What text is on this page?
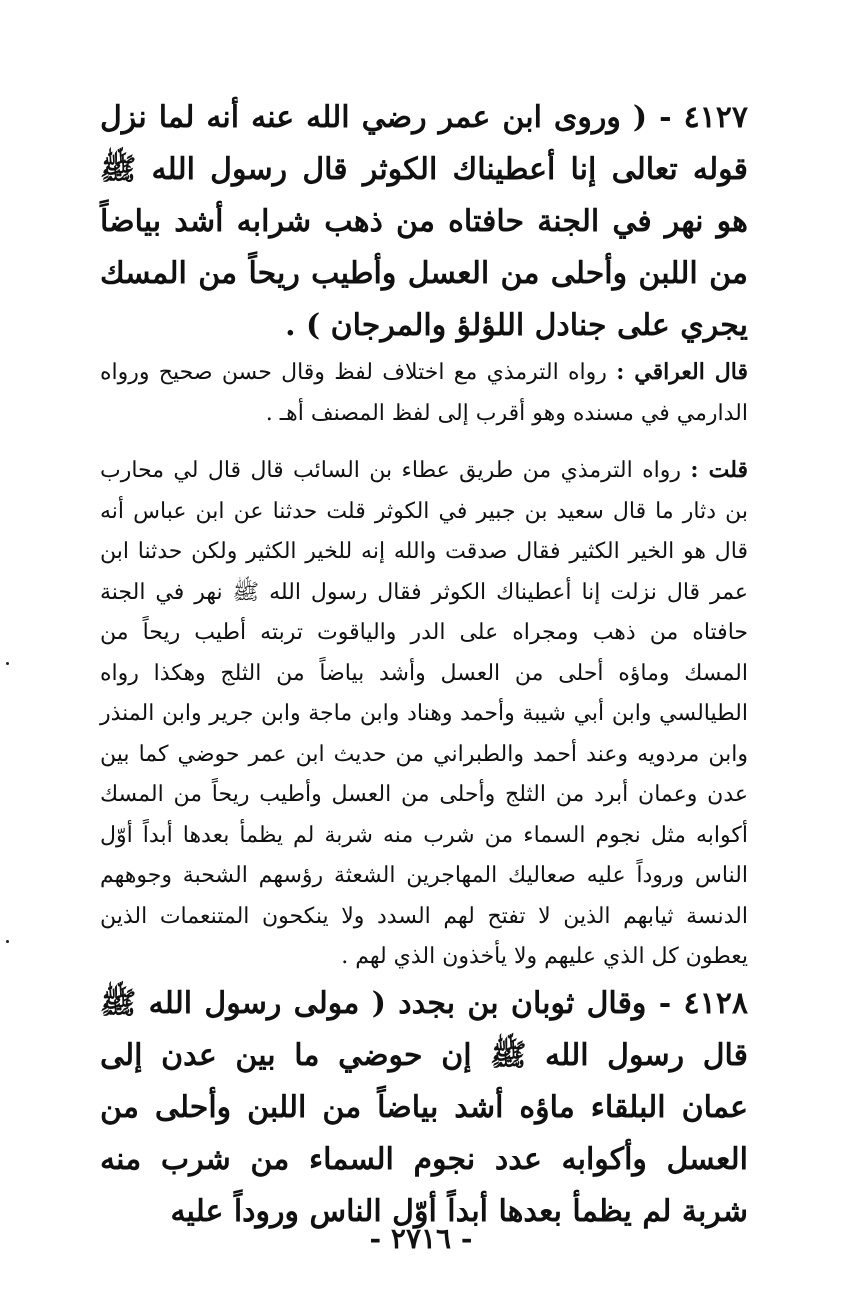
٤١٢٧ - ( وروى ابن عمر رضي الله عنه أنه لما نزل قوله تعالى إنا أعطيناك الكوثر قال رسول الله ﷺ هو نهر في الجنة حافتاه من ذهب شرابه أشد بياضاً من اللبن وأحلى من العسل وأطيب ريحاً من المسك يجري على جنادل اللؤلؤ والمرجان ) .
قال العراقي : رواه الترمذي مع اختلاف لفظ وقال حسن صحيح ورواه الدارمي في مسنده وهو أقرب إلى لفظ المصنف أهـ .
قلت : رواه الترمذي من طريق عطاء بن السائب قال قال لي محارب بن دثار ما قال سعيد بن جبير في الكوثر قلت حدثنا عن ابن عباس أنه قال هو الخير الكثير فقال صدقت والله إنه للخير الكثير ولكن حدثنا ابن عمر قال نزلت إنا أعطيناك الكوثر فقال رسول الله ﷺ نهر في الجنة حافتاه من ذهب ومجراه على الدر والياقوت تربته أطيب ريحاً من المسك وماؤه أحلى من العسل وأشد بياضاً من الثلج وهكذا رواه الطيالسي وابن أبي شيبة وأحمد وهناد وابن ماجة وابن جرير وابن المنذر وابن مردويه وعند أحمد والطبراني من حديث ابن عمر حوضي كما بين عدن وعمان أبرد من الثلج وأحلى من العسل وأطيب ريحاً من المسك أكوابه مثل نجوم السماء من شرب منه شربة لم يظمأ بعدها أبداً أوّل الناس وروداً عليه صعاليك المهاجرين الشعثة رؤسهم الشحبة وجوههم الدنسة ثيابهم الذين لا تفتح لهم السدد ولا ينكحون المتنعمات الذين يعطون كل الذي عليهم ولا يأخذون الذي لهم .
٤١٢٨ - وقال ثوبان بن بجدد ( مولى رسول الله ﷺ قال رسول الله ﷺ إن حوضي ما بين عدن إلى عمان البلقاء ماؤه أشد بياضاً من اللبن وأحلى من العسل وأكوابه عدد نجوم السماء من شرب منه شربة لم يظمأ بعدها أبداً أوّل الناس وروداً عليه
- ٢٧١٦ -
